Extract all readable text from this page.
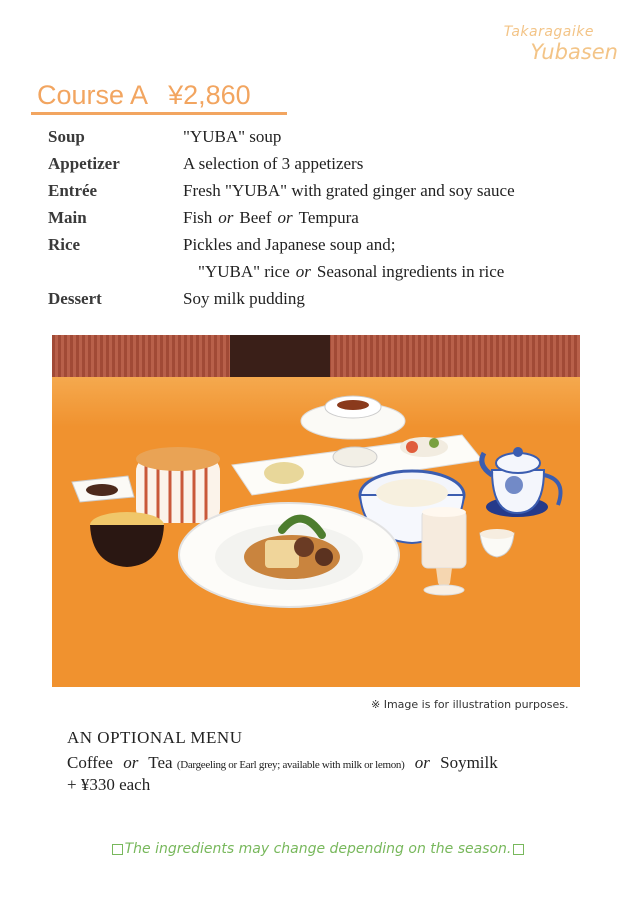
Takaragaike
Yubasen
Course A ¥2,860
Soup	"YUBA" soup
Appetizer	A selection of 3 appetizers
Entrée	Fresh "YUBA" with grated ginger and soy sauce
Main	Fish or Beef or Tempura
Rice	Pickles and Japanese soup and;
"YUBA" rice or Seasonal ingredients in rice
Dessert	Soy milk pudding
※ Image is for illustration purposes.
AN OPTIONAL MENU
Coffee or Tea (Dargeeling or Earl grey; available with milk or lemon) or Soymilk
+ ¥330 each
The ingredients may change depending on the season.
